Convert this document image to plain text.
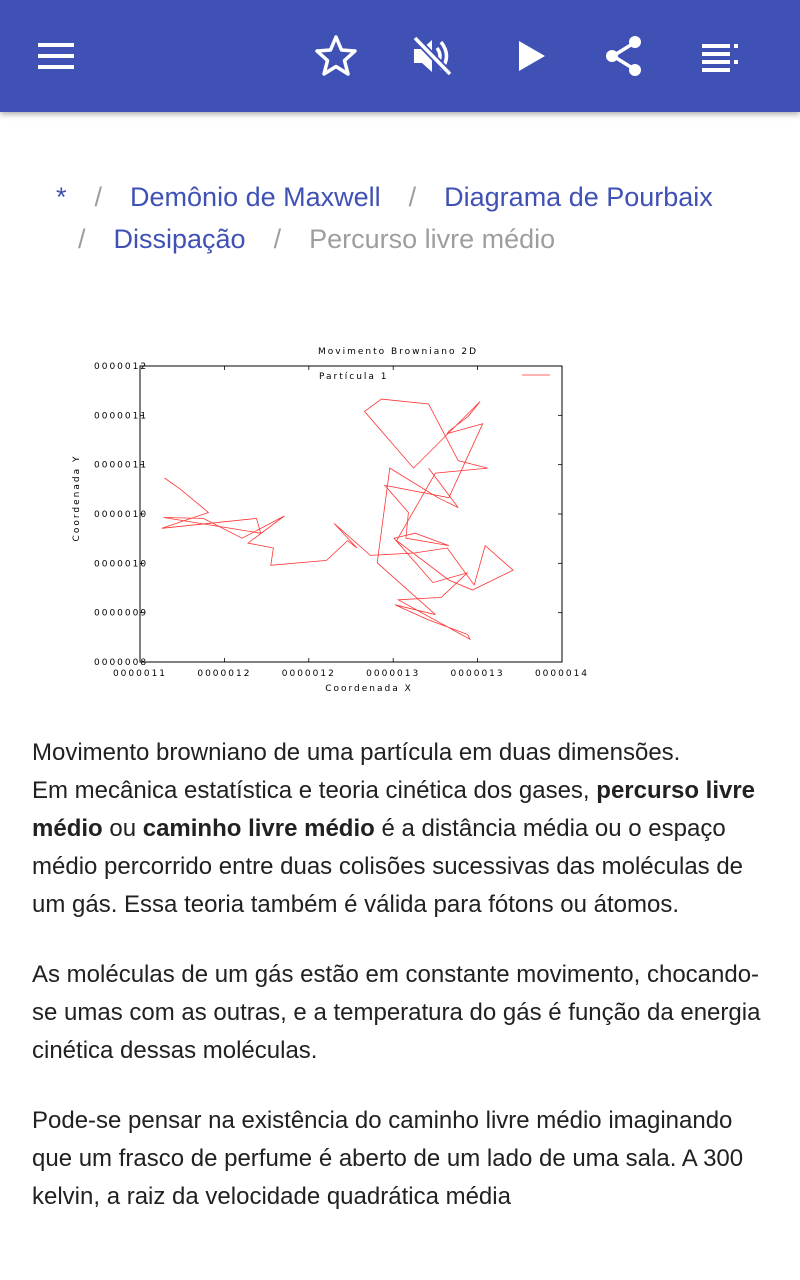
* / Demônio de Maxwell / Diagrama de Pourbaix
/ Dissipação / Percurso livre médio
Movimento Browniano 2D
0000011	0000012	0000012	0000013	0000013	0000014
0000012
0000011
0000011
0000010
0000010
0000009
0000008
Partícula 1
Coordenada X
Coordenada Y

Movimento browniano de uma partícula em duas dimensões.
Em mecânica estatística e teoria cinética dos gases, percurso livre médio ou caminho livre médio é a distância média ou o espaço médio percorrido entre duas colisões sucessivas das moléculas de um gás. Essa teoria também é válida para fótons ou átomos.

As moléculas de um gás estão em constante movimento, chocando-se umas com as outras, e a temperatura do gás é função da energia cinética dessas moléculas.

Pode-se pensar na existência do caminho livre médio imaginando que um frasco de perfume é aberto de um lado de uma sala. A 300 kelvin, a raiz da velocidade quadrática média
